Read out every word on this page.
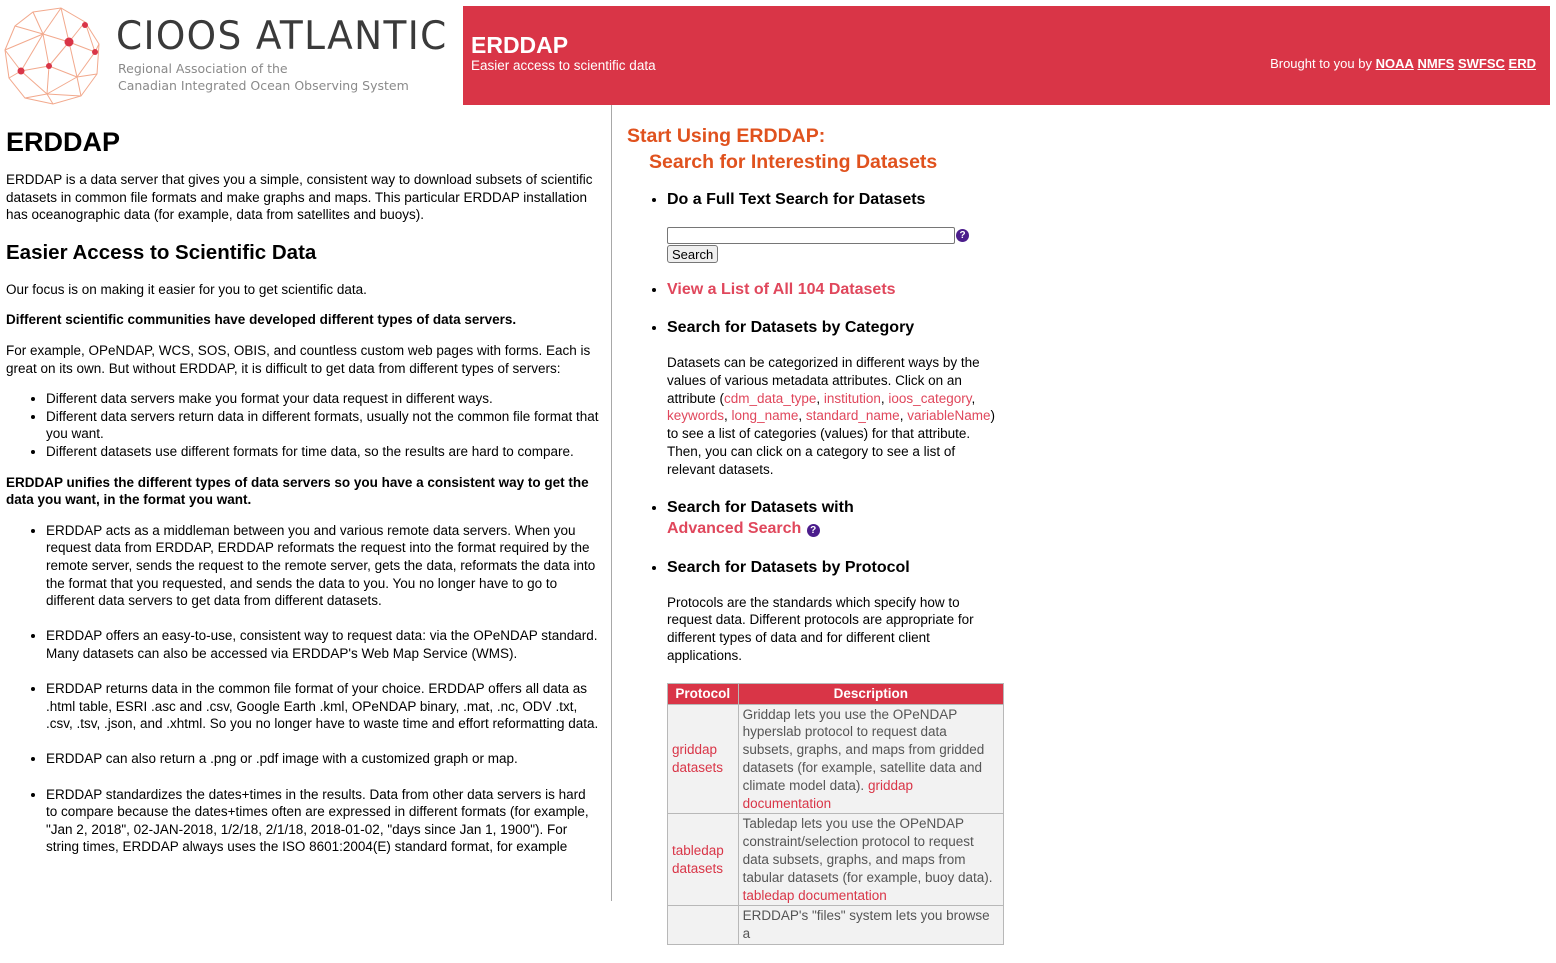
CIOOS ATLANTIC
Regional Association of the
Canadian Integrated Ocean Observing System
ERDDAP
Easier access to scientific data	Brought to you by NOAA NMFS SWFSC ERD
ERDDAP

ERDDAP is a data server that gives you a simple, consistent way to download subsets of scientific datasets in common file formats and make graphs and maps. This particular ERDDAP installation has oceanographic data (for example, data from satellites and buoys).

Easier Access to Scientific Data

Our focus is on making it easier for you to get scientific data.

Different scientific communities have developed different types of data servers.

For example, OPeNDAP, WCS, SOS, OBIS, and countless custom web pages with forms. Each is great on its own. But without ERDDAP, it is difficult to get data from different types of servers:

• Different data servers make you format your data request in different ways.
• Different data servers return data in different formats, usually not the common file format that you want.
• Different datasets use different formats for time data, so the results are hard to compare.

ERDDAP unifies the different types of data servers so you have a consistent way to get the data you want, in the format you want.

• ERDDAP acts as a middleman between you and various remote data servers. When you request data from ERDDAP, ERDDAP reformats the request into the format required by the remote server, sends the request to the remote server, gets the data, reformats the data into the format that you requested, and sends the data to you. You no longer have to go to different data servers to get data from different datasets.
• ERDDAP offers an easy-to-use, consistent way to request data: via the OPeNDAP standard.
Many datasets can also be accessed via ERDDAP's Web Map Service (WMS).
• ERDDAP returns data in the common file format of your choice. ERDDAP offers all data as .html table, ESRI .asc and .csv, Google Earth .kml, OPeNDAP binary, .mat, .nc, ODV .txt, .csv, .tsv, .json, and .xhtml. So you no longer have to waste time and effort reformatting data.
• ERDDAP can also return a .png or .pdf image with a customized graph or map.
• ERDDAP standardizes the dates+times in the results. Data from other data servers is hard to compare because the dates+times often are expressed in different formats (for example, "Jan 2, 2018", 02-JAN-2018, 1/2/18, 2/1/18, 2018-01-02, "days since Jan 1, 1900"). For string times, ERDDAP always uses the ISO 8601:2004(E) standard format, for example
Start Using ERDDAP:
Search for Interesting Datasets
• Do a Full Text Search for Datasets
?
Search
• View a List of All 104 Datasets
• Search for Datasets by Category
Datasets can be categorized in different ways by the values of various metadata attributes. Click on an attribute (cdm_data_type, institution, ioos_category, keywords, long_name, standard_name, variableName) to see a list of categories (values) for that attribute. Then, you can click on a category to see a list of relevant datasets.
• Search for Datasets with
Advanced Search ?
• Search for Datasets by Protocol
Protocols are the standards which specify how to request data. Different protocols are appropriate for different types of data and for different client applications.
Protocol	Description
griddap datasets	Griddap lets you use the OPeNDAP hyperslab protocol to request data subsets, graphs, and maps from gridded datasets (for example, satellite data and climate model data). griddap documentation
tabledap datasets	Tabledap lets you use the OPeNDAP constraint/selection protocol to request data subsets, graphs, and maps from tabular datasets (for example, buoy data).
tabledap documentation
	ERDDAP's "files" system lets you browse a
